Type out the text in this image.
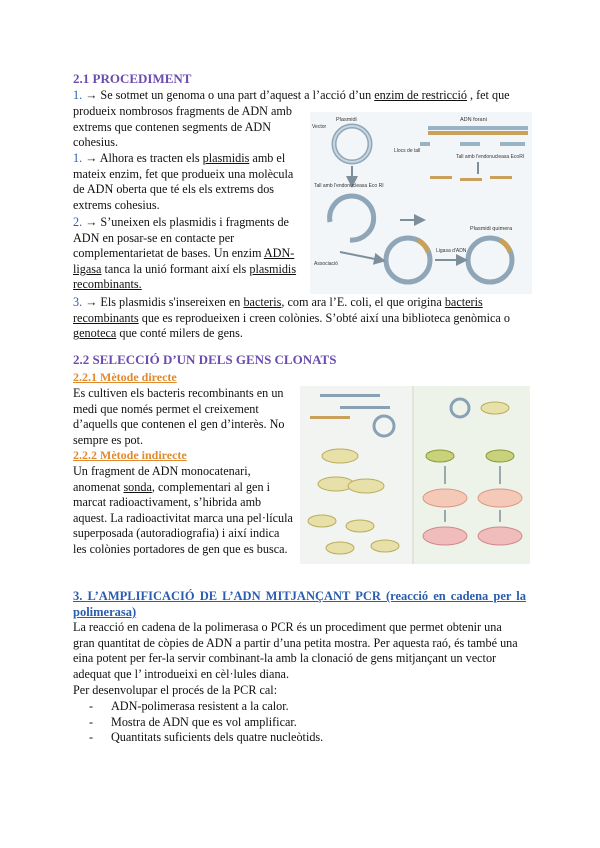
2.1 PROCEDIMENT
1. → Se sotmet un genoma o una part d’aquest a l’acció d’un enzim de restricció , fet que

produeix nombrosos fragments de ADN amb extrems que contenen segments de ADN cohesius.
1. → Alhora es tracten els plasmidis amb el mateix enzim, fet que produeix una molècula de ADN oberta que té els els extrems dos extrems cohesius.
2. → S’uneixen els plasmidis i fragments de ADN en posar-se en contacte per complementarietat de bases. Un enzim ADN-ligasa tanca la unió formant així els plasmidis recombinants.
3. → Els plasmidis s'insereixen en bacteris, com ara l’E. coli, el que origina bacteris recombinants que es reprodueixen i creen colònies. S’obté així una biblioteca genòmica o genoteca que conté milers de gens.
Plasmidi
Vector
Llocs de tall
ADN forani
Tall amb l'endonucleasa EcoRI
Tall amb l'endonucleasa Eco RI
Plasmidi quimera
Associació
Ligasa d'ADN
2.2 SELECCIÓ D’UN DELS GENS CLONATS
2.2.1 Mètode directe
Es cultiven els bacteris recombinants en un medi que només permet el creixement d’aquells que contenen el gen d’interès. No sempre es pot.
2.2.2 Mètode indirecte
Un fragment de ADN monocatenari, anomenat sonda, complementari al gen i marcat radioactivament, s’hibrida amb aquest. La radioactivitat marca una pel·lícula superposada (autoradiografia) i així indica les colònies portadores de gen que es busca.
3. L’AMPLIFICACIÓ DE L’ADN MITJANÇANT PCR (reacció en cadena per la polimerasa)
La reacció en cadena de la polimerasa o PCR és un procediment que permet obtenir una gran quantitat de còpies de ADN a partir d’una petita mostra. Per aquesta raó, és també una eina potent per fer-la servir combinant-la amb la clonació de gens mitjançant un vector adequat que l’ introdueixi en cèl·lules diana.
Per desenvolupar el procés de la PCR cal:
- ADN-polimerasa resistent a la calor.
- Mostra de ADN que es vol amplificar.
- Quantitats suficients dels quatre nucleòtids.
